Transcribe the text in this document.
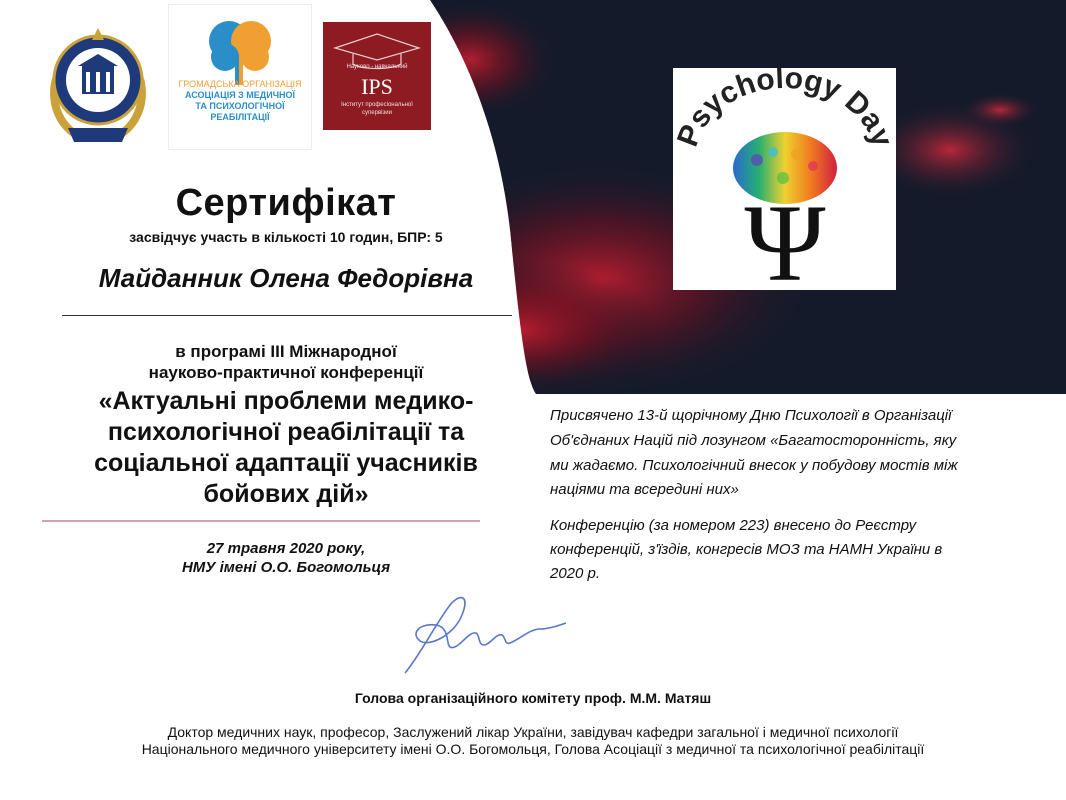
ГРОМАДСЬКА ОРГАНІЗАЦІЯ
АСОЦІАЦІЯ З МЕДИЧНОЇ
ТА ПСИХОЛОГІЧНОЇ
РЕАБІЛІТАЦІЇ
Науково - навчальний
IPS
Інститут професіональної
супервізии
Psychology Day
Ψ
Сертифікат
засвідчує участь в кількості 10 годин, БПР: 5
Майданник Олена Федорівна
в програмі ІІІ Міжнародної
науково-практичної конференції
«Актуальні проблеми медико-
психологічної реабілітації та
соціальної адаптації учасників
бойових дій»
27 травня 2020 року,
НМУ імені О.О. Богомольця
Присвячено 13-й щорічному Дню Психології в Організації
Об'єднаних Націй під лозунгом «Багатосторонність, яку
ми жадаємо. Психологічний внесок у побудову мостів між
націями та всередині них»
Конференцію (за номером 223) внесено до Реєстру
конференцій, з'їздів, конгресів МОЗ та НАМН України в
2020 р.
Голова організаційного комітету проф. М.М. Матяш
Доктор медичних наук, професор, Заслужений лікар України, завідувач кафедри загальної і медичної психології
Національного медичного університету імені О.О. Богомольця, Голова Асоціації з медичної та психологічної реабілітації
